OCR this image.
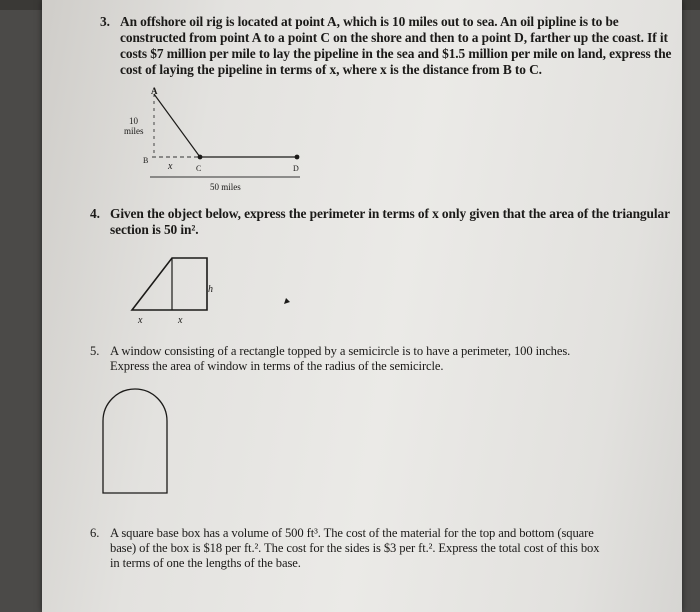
3. An offshore oil rig is located at point A, which is 10 miles out to sea. An oil pipline is to be
constructed from point A to a point C on the shore and then to a point D, farther up the coast. If it
costs $7 million per mile to lay the pipeline in the sea and $1.5 million per mile on land, express the
cost of laying the pipeline in terms of x, where x is the distance from B to C.
A
10
miles
B
x	C	D
50 miles
4. Given the object below, express the perimeter in terms of x only given that the area of the triangular
section is 50 in².
h
x	x
5. A window consisting of a rectangle topped by a semicircle is to have a perimeter, 100 inches.
Express the area of window in terms of the radius of the semicircle.
6. A square base box has a volume of 500 ft³. The cost of the material for the top and bottom (square
base) of the box is $18 per ft.². The cost for the sides is $3 per ft.². Express the total cost of this box
in terms of one the lengths of the base.
